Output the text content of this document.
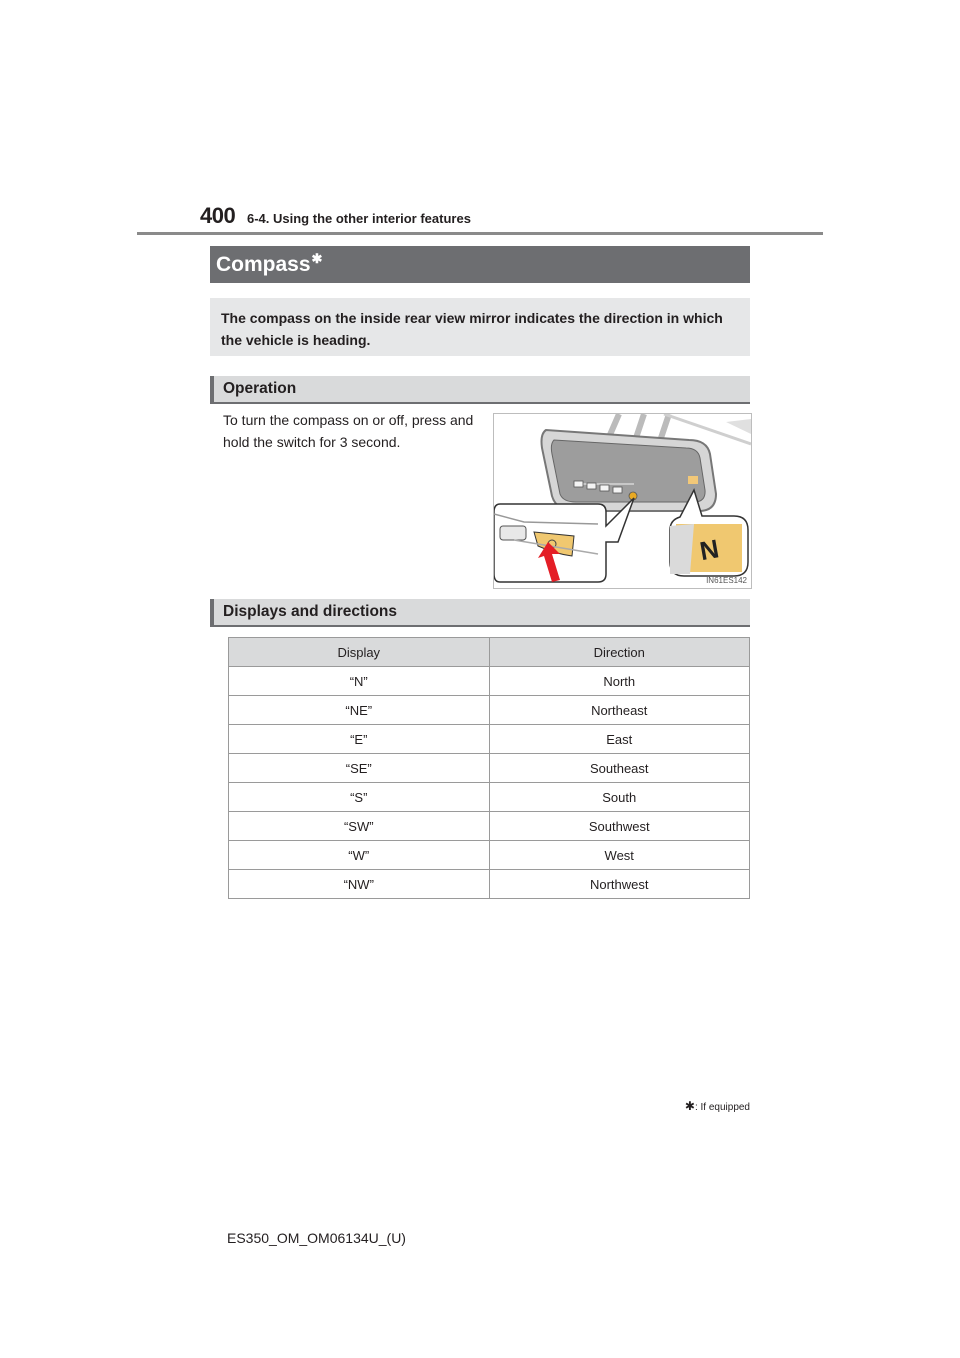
400 6-4. Using the other interior features
Compass✱
The compass on the inside rear view mirror indicates the direction in which the vehicle is heading.
Operation
To turn the compass on or off, press and hold the switch for 3 second.
N
IN61ES142
Displays and directions
Display	Direction
“N”	North
“NE”	Northeast
“E”	East
“SE”	Southeast
“S”	South
“SW”	Southwest
“W”	West
“NW”	Northwest
✱: If equipped
ES350_OM_OM06134U_(U)
